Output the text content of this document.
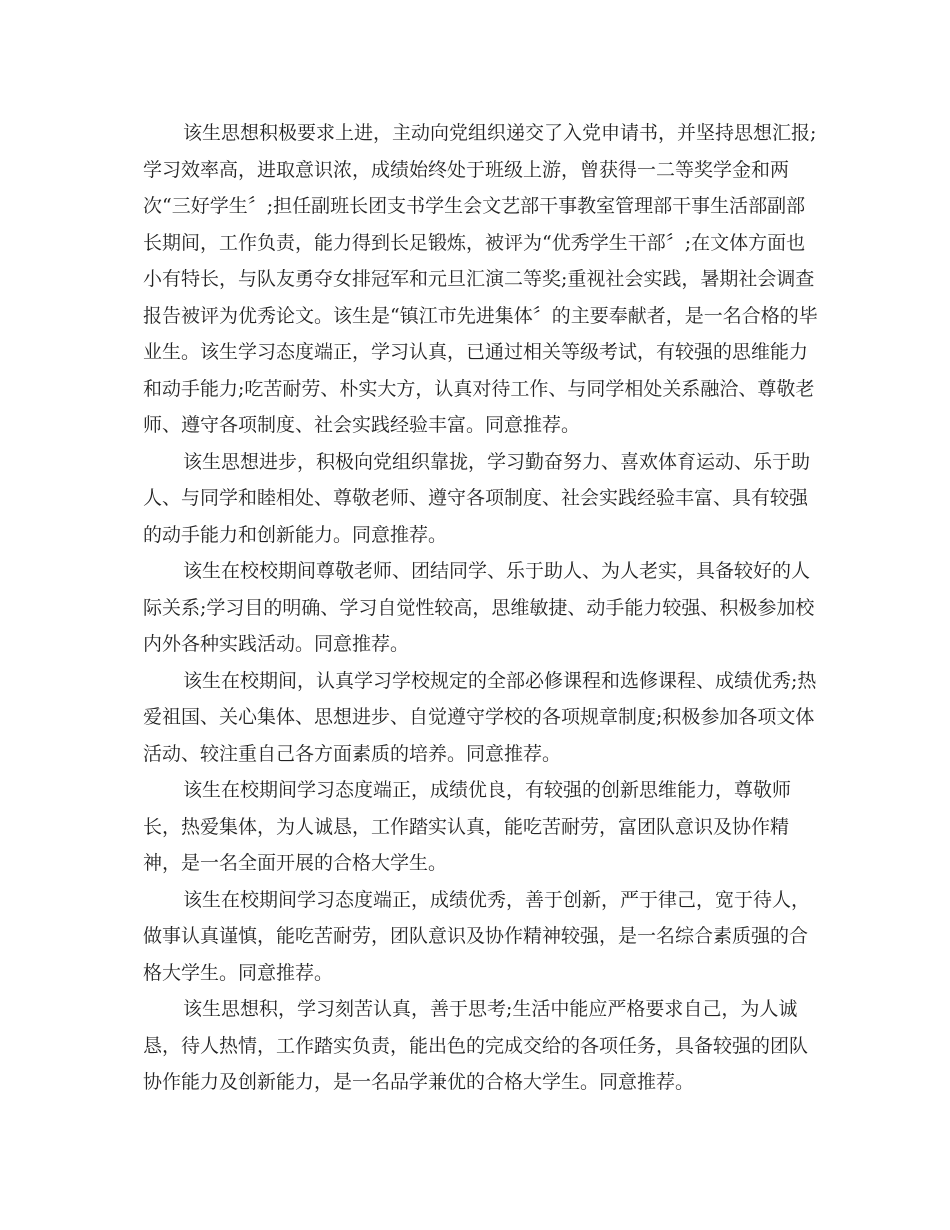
该生思想积极要求上进，主动向党组织递交了入党申请书，并坚持思想汇报;
学习效率高，进取意识浓，成绩始终处于班级上游，曾获得一二等奖学金和两
次“三好学生〞;担任副班长团支书学生会文艺部干事教室管理部干事生活部副部
长期间，工作负责，能力得到长足锻炼，被评为“优秀学生干部〞;在文体方面也
小有特长，与队友勇夺女排冠军和元旦汇演二等奖;重视社会实践，暑期社会调查
报告被评为优秀论文。该生是“镇江市先进集体〞的主要奉献者，是一名合格的毕
业生。该生学习态度端正，学习认真，已通过相关等级考试，有较强的思维能力
和动手能力;吃苦耐劳、朴实大方，认真对待工作、与同学相处关系融洽、尊敬老
师、遵守各项制度、社会实践经验丰富。同意推荐。
该生思想进步，积极向党组织靠拢，学习勤奋努力、喜欢体育运动、乐于助
人、与同学和睦相处、尊敬老师、遵守各项制度、社会实践经验丰富、具有较强
的动手能力和创新能力。同意推荐。
该生在校校期间尊敬老师、团结同学、乐于助人、为人老实，具备较好的人
际关系;学习目的明确、学习自觉性较高，思维敏捷、动手能力较强、积极参加校
内外各种实践活动。同意推荐。
该生在校期间，认真学习学校规定的全部必修课程和选修课程、成绩优秀;热
爱祖国、关心集体、思想进步、自觉遵守学校的各项规章制度;积极参加各项文体
活动、较注重自己各方面素质的培养。同意推荐。
该生在校期间学习态度端正，成绩优良，有较强的创新思维能力，尊敬师
长，热爱集体，为人诚恳，工作踏实认真，能吃苦耐劳，富团队意识及协作精
神，是一名全面开展的合格大学生。
该生在校期间学习态度端正，成绩优秀，善于创新，严于律己，宽于待人，
做事认真谨慎，能吃苦耐劳，团队意识及协作精神较强，是一名综合素质强的合
格大学生。同意推荐。
该生思想积，学习刻苦认真，善于思考;生活中能应严格要求自己，为人诚
恳，待人热情，工作踏实负责，能出色的完成交给的各项任务，具备较强的团队
协作能力及创新能力，是一名品学兼优的合格大学生。同意推荐。
